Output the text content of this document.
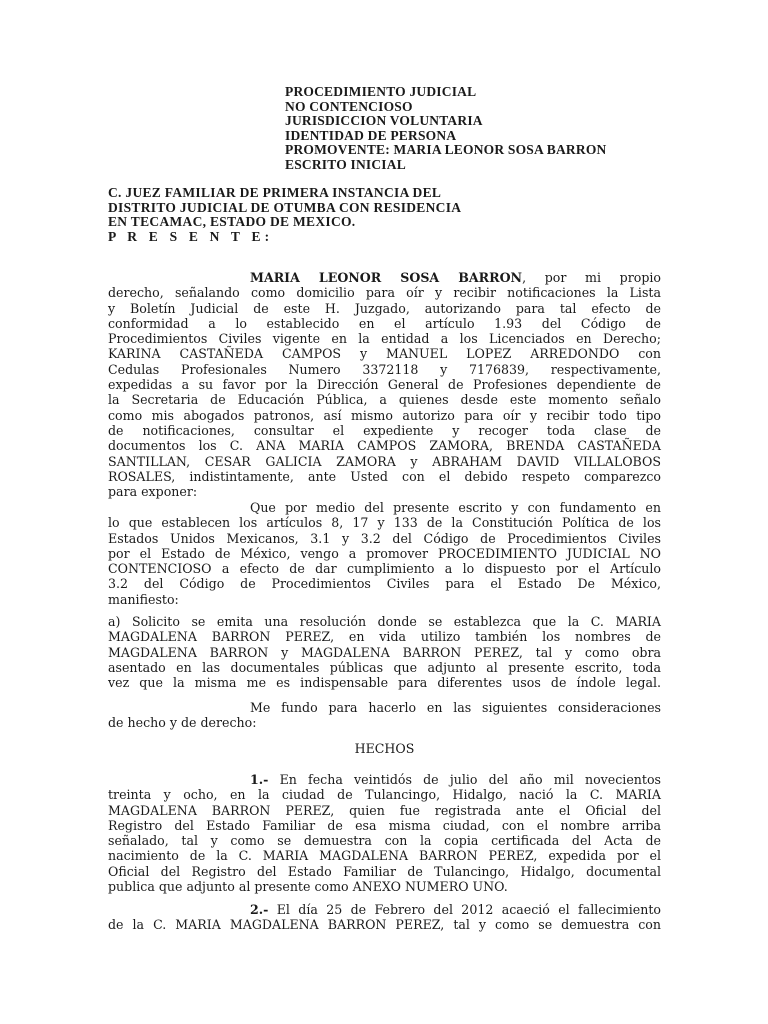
PROCEDIMIENTO JUDICIAL
NO CONTENCIOSO
JURISDICCION VOLUNTARIA
IDENTIDAD DE PERSONA
PROMOVENTE: MARIA LEONOR SOSA BARRON
ESCRITO INICIAL
C. JUEZ FAMILIAR DE PRIMERA INSTANCIA DEL
DISTRITO JUDICIAL DE OTUMBA CON RESIDENCIA
EN TECAMAC, ESTADO DE MEXICO.
P R E S E N T E:
MARIA LEONOR SOSA BARRON, por mi propio
derecho, señalando como domicilio para oír y recibir notificaciones la Lista
y Boletín Judicial de este H. Juzgado, autorizando para tal efecto de
conformidad a lo establecido en el artículo 1.93 del Código de
Procedimientos Civiles vigente en la entidad a los Licenciados en Derecho;
KARINA CASTAÑEDA CAMPOS y MANUEL LOPEZ ARREDONDO con
Cedulas Profesionales Numero 3372118 y 7176839, respectivamente,
expedidas a su favor por la Dirección General de Profesiones dependiente de
la Secretaria de Educación Pública, a quienes desde este momento señalo
como mis abogados patronos, así mismo autorizo para oír y recibir todo tipo
de notificaciones, consultar el expediente y recoger toda clase de
documentos los C. ANA MARIA CAMPOS ZAMORA, BRENDA CASTAÑEDA
SANTILLAN, CESAR GALICIA ZAMORA y ABRAHAM DAVID VILLALOBOS
ROSALES, indistintamente, ante Usted con el debido respeto comparezco
para exponer:
Que por medio del presente escrito y con fundamento en
lo que establecen los artículos 8, 17 y 133 de la Constitución Política de los
Estados Unidos Mexicanos, 3.1 y 3.2 del Código de Procedimientos Civiles
por el Estado de México, vengo a promover PROCEDIMIENTO JUDICIAL NO
CONTENCIOSO a efecto de dar cumplimiento a lo dispuesto por el Artículo
3.2 del Código de Procedimientos Civiles para el Estado De México,
manifiesto:
a) Solicito se emita una resolución donde se establezca que la C. MARIA
MAGDALENA BARRON PEREZ, en vida utilizo también los nombres de
MAGDALENA BARRON y MAGDALENA BARRON PEREZ, tal y como obra
asentado en las documentales públicas que adjunto al presente escrito, toda
vez que la misma me es indispensable para diferentes usos de índole legal.
Me fundo para hacerlo en las siguientes consideraciones
de hecho y de derecho:
HECHOS
1.- En fecha veintidós de julio del año mil novecientos
treinta y ocho, en la ciudad de Tulancingo, Hidalgo, nació la C. MARIA
MAGDALENA BARRON PEREZ, quien fue registrada ante el Oficial del
Registro del Estado Familiar de esa misma ciudad, con el nombre arriba
señalado, tal y como se demuestra con la copia certificada del Acta de
nacimiento de la C. MARIA MAGDALENA BARRON PEREZ, expedida por el
Oficial del Registro del Estado Familiar de Tulancingo, Hidalgo, documental
publica que adjunto al presente como ANEXO NUMERO UNO.
2.- El día 25 de Febrero del 2012 acaeció el fallecimiento
de la C. MARIA MAGDALENA BARRON PEREZ, tal y como se demuestra con
